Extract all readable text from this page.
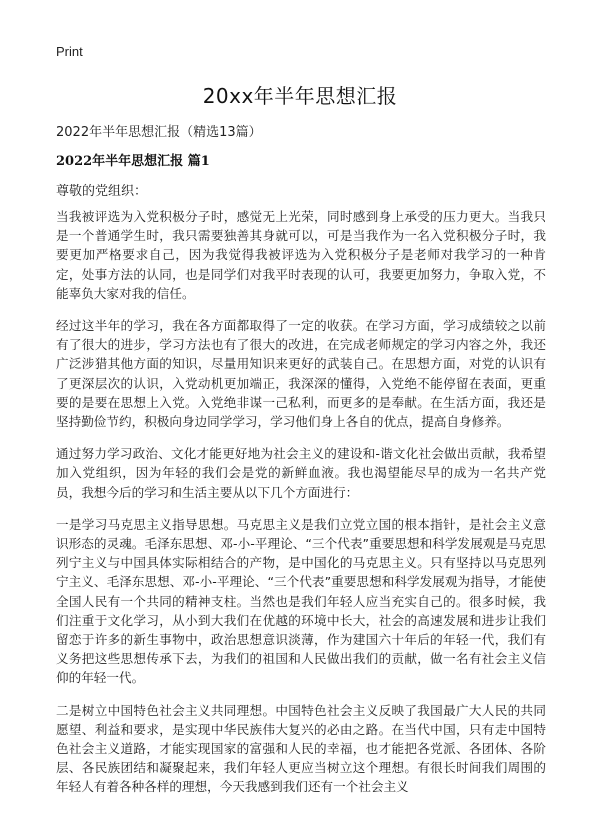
Print
20xx年半年思想汇报
2022年半年思想汇报（精选13篇）
2022年半年思想汇报 篇1
尊敬的党组织：

当我被评选为入党积极分子时，感觉无上光荣，同时感到身上承受的压力更大。当我只是一个普通学生时，我只需要独善其身就可以，可是当我作为一名入党积极分子时，我要更加严格要求自己，因为我觉得我被评选为入党积极分子是老师对我学习的一种肯定，处事方法的认同，也是同学们对我平时表现的认可，我要更加努力，争取入党，不能辜负大家对我的信任。

经过这半年的学习，我在各方面都取得了一定的收获。在学习方面，学习成绩较之以前有了很大的进步，学习方法也有了很大的改进，在完成老师规定的学习内容之外，我还广泛涉猎其他方面的知识，尽量用知识来更好的武装自己。在思想方面，对党的认识有了更深层次的认识，入党动机更加端正，我深深的懂得，入党绝不能停留在表面，更重要的是要在思想上入党。入党绝非谋一己私利，而更多的是奉献。在生活方面，我还是坚持勤俭节约，积极向身边同学学习，学习他们身上各自的优点，提高自身修养。

通过努力学习政治、文化才能更好地为社会主义的建设和-谐文化社会做出贡献，我希望加入党组织，因为年轻的我们会是党的新鲜血液。我也渴望能尽早的成为一名共产党员，我想今后的学习和生活主要从以下几个方面进行：

一是学习马克思主义指导思想。马克思主义是我们立党立国的根本指针，是社会主义意识形态的灵魂。毛泽东思想、邓-小-平理论、“三个代表”重要思想和科学发展观是马克思列宁主义与中国具体实际相结合的产物，是中国化的马克思主义。只有坚持以马克思列宁主义、毛泽东思想、邓-小-平理论、“三个代表”重要思想和科学发展观为指导，才能使全国人民有一个共同的精神支柱。当然也是我们年轻人应当充实自己的。很多时候，我们注重于文化学习，从小到大我们在优越的环境中长大，社会的高速发展和进步让我们留恋于许多的新生事物中，政治思想意识淡薄，作为建国六十年后的年轻一代，我们有义务把这些思想传承下去，为我们的祖国和人民做出我们的贡献，做一名有社会主义信仰的年轻一代。

二是树立中国特色社会主义共同理想。中国特色社会主义反映了我国最广大人民的共同愿望、利益和要求，是实现中华民族伟大复兴的必由之路。在当代中国，只有走中国特色社会主义道路，才能实现国家的富强和人民的幸福，也才能把各党派、各团体、各阶层、各民族团结和凝聚起来，我们年轻人更应当树立这个理想。有很长时间我们周围的年轻人有着各种各样的理想，今天我感到我们还有一个社会主义
